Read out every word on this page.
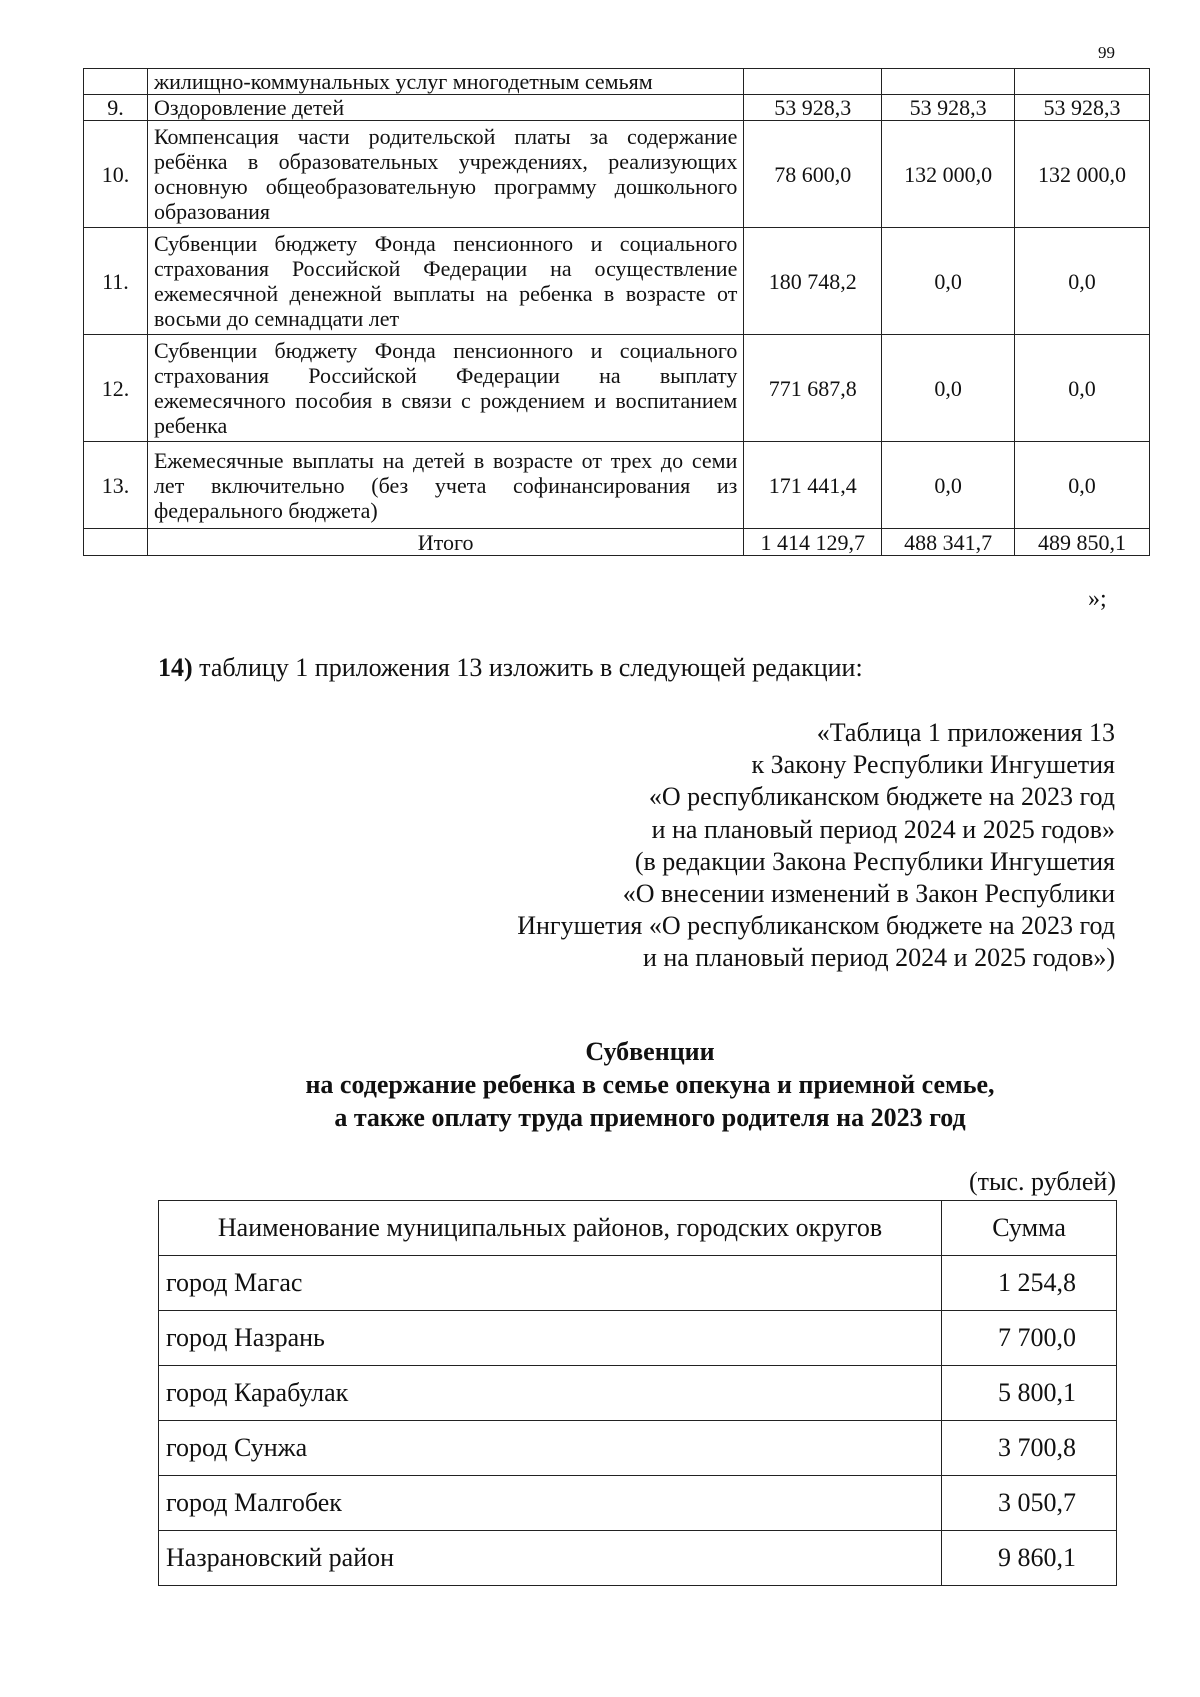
99
	жилищно-коммунальных услуг многодетным семьям			
9.	Оздоровление детей	53 928,3	53 928,3	53 928,3
10.	Компенсация части родительской платы за содержание ребёнка в образовательных учреждениях, реализующих основную общеобразовательную программу дошкольного образования	78 600,0	132 000,0	132 000,0
11.	Субвенции бюджету Фонда пенсионного и социального страхования Российской Федерации на осуществление ежемесячной денежной выплаты на ребенка в возрасте от восьми до семнадцати лет	180 748,2	0,0	0,0
12.	Субвенции бюджету Фонда пенсионного и социального страхования Российской Федерации на выплату ежемесячного пособия в связи с рождением и воспитанием ребенка	771 687,8	0,0	0,0
13.	Ежемесячные выплаты на детей в возрасте от трех до семи лет включительно (без учета софинансирования из федерального бюджета)	171 441,4	0,0	0,0
	Итого	1 414 129,7	488 341,7	489 850,1
»;
14) таблицу 1 приложения 13 изложить в следующей редакции:
«Таблица 1 приложения 13
к Закону Республики Ингушетия
«О республиканском бюджете на 2023 год
и на плановый период 2024 и 2025 годов»
(в редакции Закона Республики Ингушетия
«О внесении изменений в Закон Республики
Ингушетия «О республиканском бюджете на 2023 год
и на плановый период 2024 и 2025 годов»)
Субвенции
на содержание ребенка в семье опекуна и приемной семье,
а также оплату труда приемного родителя на 2023 год
(тыс. рублей)
Наименование муниципальных районов, городских округов	Сумма
город Магас	1 254,8
город Назрань	7 700,0
город Карабулак	5 800,1
город Сунжа	3 700,8
город Малгобек	3 050,7
Назрановский район	9 860,1
